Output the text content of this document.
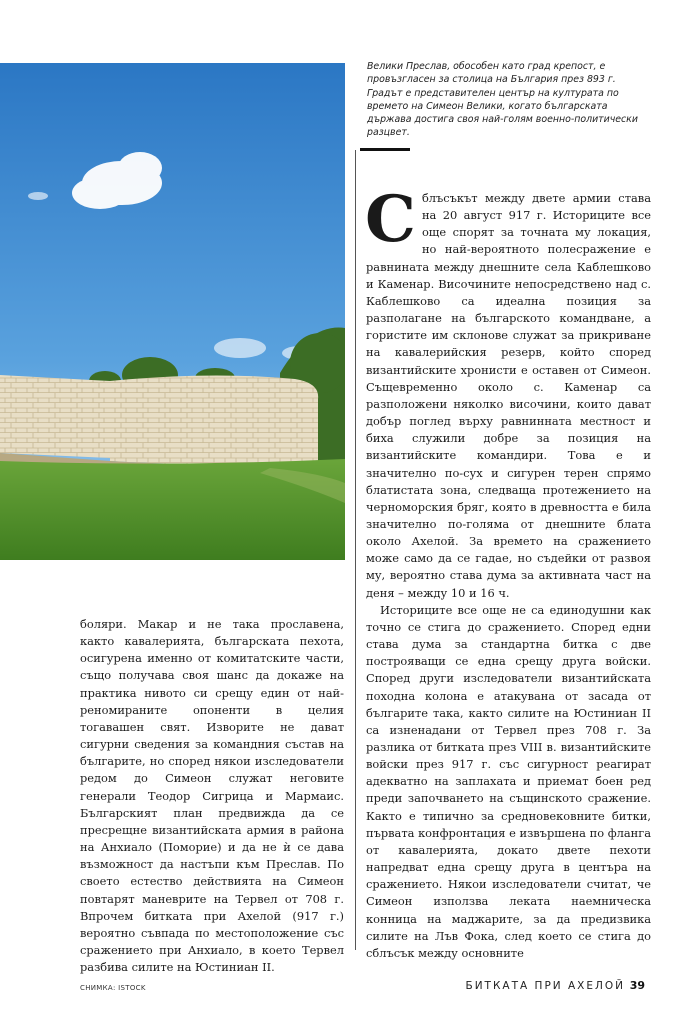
Велики Преслав, обособен като град крепост, е провъзгласен за столица на България през 893 г. Градът е представителен център на културата по времето на Симеон Велики, когато българската държава достига своя най-голям военно-политически разцвет.

Сблъсъкът между двете армии става на 20 август 917 г. Историците все още спорят за точната му локация, но най-вероятното полесражение е равнината между днешните села Каблешково и Каменар. Височините непосредствено над с. Каблешково са идеална позиция за разполагане на българското командване, а гористите им склонове служат за прикриване на кавалерийския резерв, който според византийските хронисти е оставен от Симеон. Същевременно около с. Каменар са разположени няколко височини, които дават добър поглед върху равнинната местност и биха служили добре за позиция на византийските командири. Това е и значително по-сух и сигурен терен спрямо блатистата зона, следваща протежението на черноморския бряг, която в древността е била значително по-голяма от днешните блата около Ахелой. За времето на сражението може само да се гадае, но съдейки от развоя му, вероятно става дума за активната част на деня – между 10 и 16 ч.

Историците все още не са единодушни как точно се стига до сражението. Според едни става дума за стандартна битка с две построяващи се една срещу друга войски. Според други изследователи византийската походна колона е атакувана от засада от българите така, както силите на Юстиниан II са изненадани от Тервел през 708 г. За разлика от битката през VIII в. византийските войски през 917 г. със сигурност реагират адекватно на заплахата и приемат боен ред преди започването на същинското сражение. Както е типично за средновековните битки, първата конфронтация е извършена по фланга от кавалерията, докато двете пехоти напредват една срещу друга в центъра на сражението. Някои изследователи считат, че Симеон използва леката наемническа конница на маджарите, за да предизвика силите на Лъв Фока, след което се стига до сблъсък между основните

боляри. Макар и не така прославена, както кавалерията, българската пехота, осигурена именно от комитатските части, също получава своя шанс да докаже на практика нивото си срещу един от най-реномираните опоненти в целия тогавашен свят. Изворите не дават сигурни сведения за командния състав на българите, но според някои изследователи редом до Симеон служат неговите генерали Теодор Сигрица и Мармаис. Българският план предвижда да се пресрещне византийската армия в района на Анхиало (Поморие) и да не ѝ се дава възможност да настъпи към Преслав. По своето естество действията на Симеон повтарят маневрите на Тервел от 708 г. Впрочем битката при Ахелой (917 г.) вероятно съвпада по местоположение със сражението при Анхиало, в което Тервел разбива силите на Юстиниан II.

СНИМКА: ISTOCK	БИТКАТА ПРИ АХЕЛОЙ 39
